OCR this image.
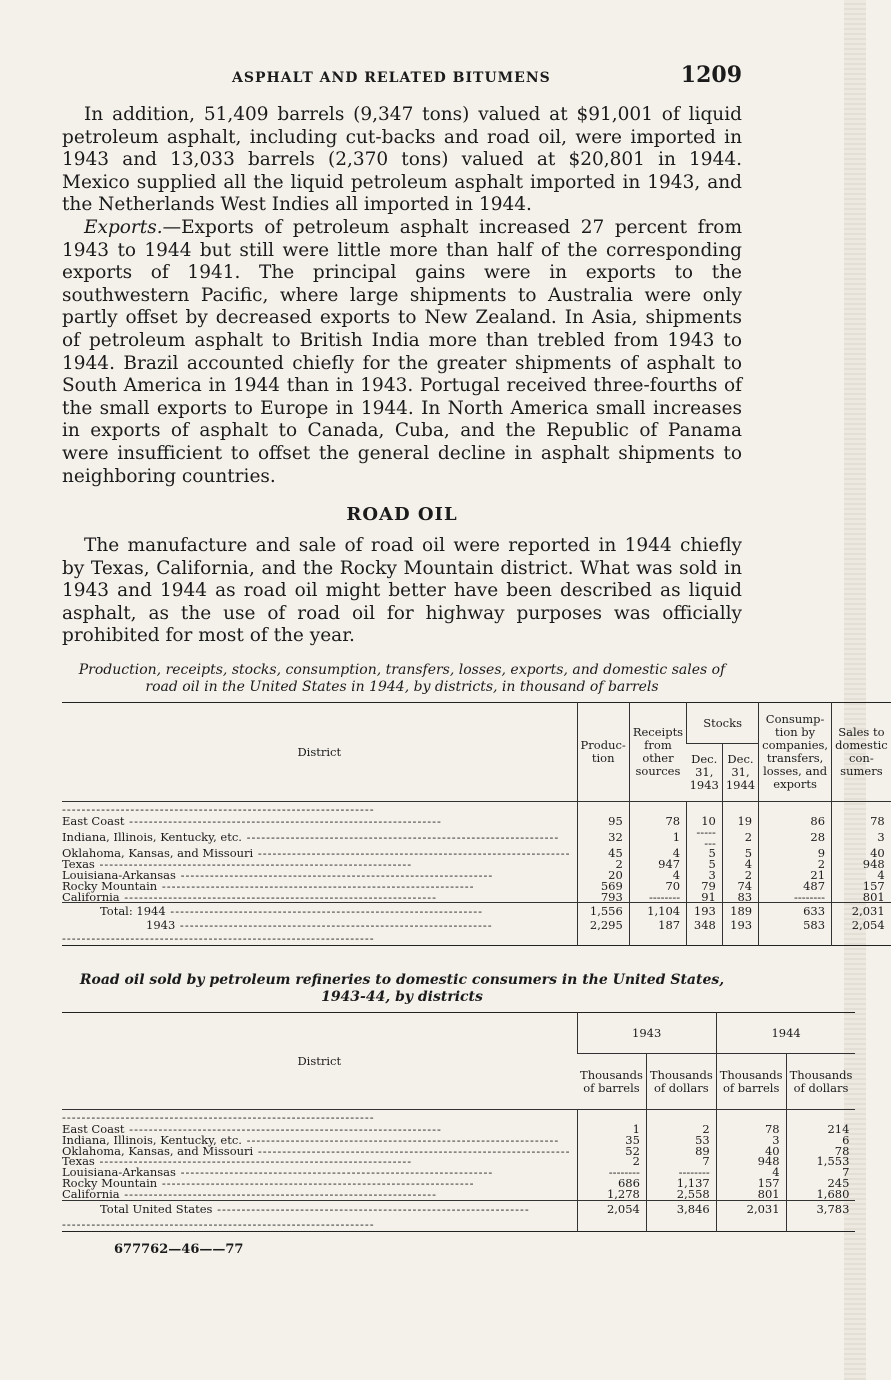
ASPHALT AND RELATED BITUMENS	1209

In addition, 51,409 barrels (9,347 tons) valued at $91,001 of liquid petroleum asphalt, including cut-backs and road oil, were imported in 1943 and 13,033 barrels (2,370 tons) valued at $20,801 in 1944. Mexico supplied all the liquid petroleum asphalt imported in 1943, and the Netherlands West Indies all imported in 1944.

Exports.—Exports of petroleum asphalt increased 27 percent from 1943 to 1944 but still were little more than half of the corresponding exports of 1941. The principal gains were in exports to the southwestern Pacific, where large shipments to Australia were only partly offset by decreased exports to New Zealand. In Asia, shipments of petroleum asphalt to British India more than trebled from 1943 to 1944. Brazil accounted chiefly for the greater shipments of asphalt to South America in 1944 than in 1943. Portugal received three-fourths of the small exports to Europe in 1944. In North America small increases in exports of asphalt to Canada, Cuba, and the Republic of Panama were insufficient to offset the general decline in asphalt shipments to neighboring countries.

ROAD OIL

The manufacture and sale of road oil were reported in 1944 chiefly by Texas, California, and the Rocky Mountain district. What was sold in 1943 and 1944 as road oil might better have been described as liquid asphalt, as the use of road oil for highway purposes was officially prohibited for most of the year.

Production, receipts, stocks, consumption, transfers, losses, exports, and domestic sales of road oil in the United States in 1944, by districts, in thousand of barrels
District	Produc-tion	Receipts from other sources	Stocks		Consump-tion by companies, transfers, losses, and exports	Sales to domestic con-sumers
			Dec. 31, 1943	Dec. 31, 1944		
-----						
East Coast -----	95	78	10	19	86	78
Indiana, Illinois, Kentucky, etc. -----	32	1	--------	2	28	3
Oklahoma, Kansas, and Missouri -----	45	4	5	5	9	40
Texas -----	2	947	5	4	2	948
Louisiana-Arkansas -----	20	4	3	2	21	4
Rocky Mountain -----	569	70	79	74	487	157
California -----	793	--------	91	83	--------	801
Total: 1944 -----	1,556	1,104	193	189	633	2,031
1943 -----	2,295	187	348	193	583	2,054
-----						
Road oil sold by petroleum refineries to domestic consumers in the United States, 1943-44, by districts
District	1943		1944	
	Thousands of barrels	Thousands of dollars	Thousands of barrels	Thousands of dollars
-----				
East Coast -----	1	2	78	214
Indiana, Illinois, Kentucky, etc. -----	35	53	3	6
Oklahoma, Kansas, and Missouri -----	52	89	40	78
Texas -----	2	7	948	1,553
Louisiana-Arkansas -----	--------	--------	4	7
Rocky Mountain -----	686	1,137	157	245
California -----	1,278	2,558	801	1,680
Total United States -----	2,054	3,846	2,031	3,783
-----				
677762—46——77
